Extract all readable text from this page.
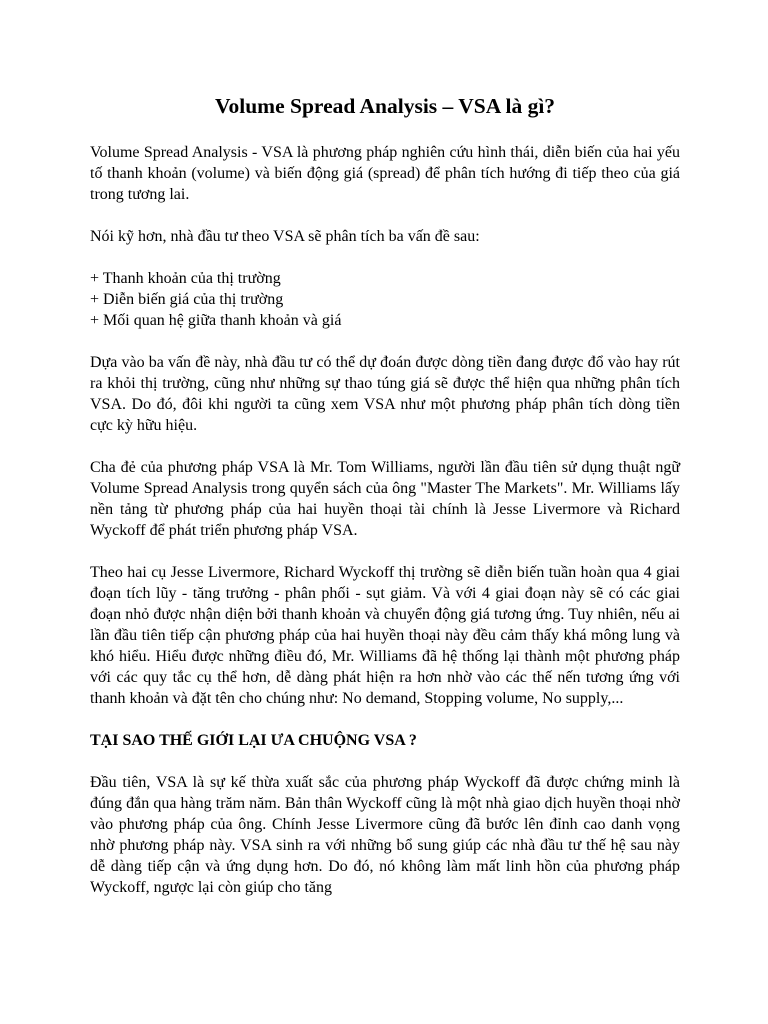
Volume Spread Analysis – VSA là gì?

Volume Spread Analysis - VSA là phương pháp nghiên cứu hình thái, diễn biến của hai yếu tố thanh khoản (volume) và biến động giá (spread) để phân tích hướng đi tiếp theo của giá trong tương lai.

Nói kỹ hơn, nhà đầu tư theo VSA sẽ phân tích ba vấn đề sau:

+ Thanh khoản của thị trường
+ Diễn biến giá của thị trường
+ Mối quan hệ giữa thanh khoản và giá

Dựa vào ba vấn đề này, nhà đầu tư có thể dự đoán được dòng tiền đang được đổ vào hay rút ra khỏi thị trường, cũng như những sự thao túng giá sẽ được thể hiện qua những phân tích VSA. Do đó, đôi khi người ta cũng xem VSA như một phương pháp phân tích dòng tiền cực kỳ hữu hiệu.

Cha đẻ của phương pháp VSA là Mr. Tom Williams, người lần đầu tiên sử dụng thuật ngữ Volume Spread Analysis trong quyển sách của ông "Master The Markets". Mr. Williams lấy nền tảng từ phương pháp của hai huyền thoại tài chính là Jesse Livermore và Richard Wyckoff để phát triển phương pháp VSA.

Theo hai cụ Jesse Livermore, Richard Wyckoff thị trường sẽ diễn biến tuần hoàn qua 4 giai đoạn tích lũy - tăng trưởng - phân phối - sụt giảm. Và với 4 giai đoạn này sẽ có các giai đoạn nhỏ được nhận diện bởi thanh khoản và chuyển động giá tương ứng. Tuy nhiên, nếu ai lần đầu tiên tiếp cận phương pháp của hai huyền thoại này đều cảm thấy khá mông lung và khó hiểu. Hiểu được những điều đó, Mr. Williams đã hệ thống lại thành một phương pháp với các quy tắc cụ thể hơn, dễ dàng phát hiện ra hơn nhờ vào các thế nến tương ứng với thanh khoản và đặt tên cho chúng như: No demand, Stopping volume, No supply,...

TẠI SAO THẾ GIỚI LẠI ƯA CHUỘNG VSA ?

Đầu tiên, VSA là sự kế thừa xuất sắc của phương pháp Wyckoff đã được chứng minh là đúng đắn qua hàng trăm năm. Bản thân Wyckoff cũng là một nhà giao dịch huyền thoại nhờ vào phương pháp của ông. Chính Jesse Livermore cũng đã bước lên đỉnh cao danh vọng nhờ phương pháp này. VSA sinh ra với những bổ sung giúp các nhà đầu tư thế hệ sau này dễ dàng tiếp cận và ứng dụng hơn. Do đó, nó không làm mất linh hồn của phương pháp Wyckoff, ngược lại còn giúp cho tăng
